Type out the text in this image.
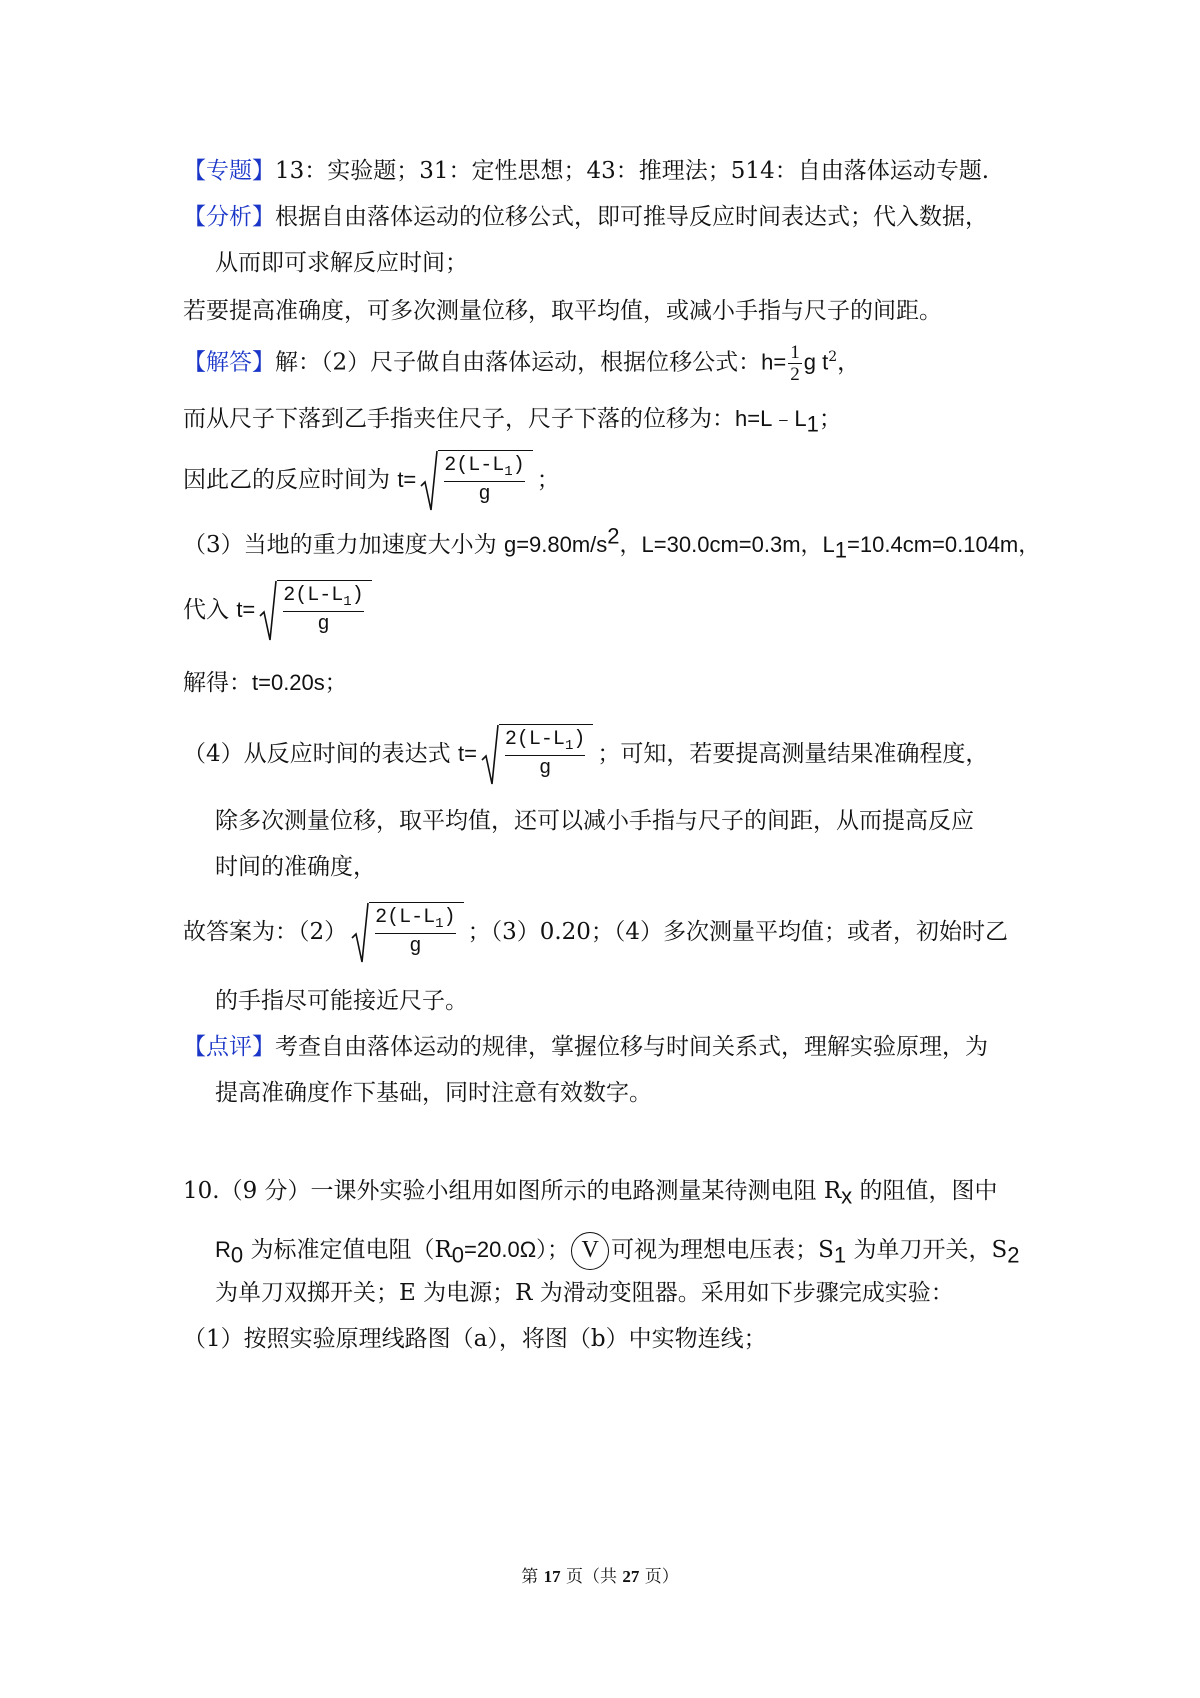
【专题】13：实验题；31：定性思想；43：推理法；514：自由落体运动专题.
【分析】根据自由落体运动的位移公式，即可推导反应时间表达式；代入数据，
从而即可求解反应时间；
若要提高准确度，可多次测量位移，取平均值，或减小手指与尺子的间距。
【解答】解：（2）尺子做自由落体运动，根据位移公式：$h= \frac{1}{2}$ g $t^2$，
而从尺子下落到乙手指夹住尺子，尺子下落的位移为：$h=L﹣L_1$；
因此乙的反应时间为 $t= \frac{2(L-L_1)}{g}$ ；
（3）当地的重力加速度大小为 $g=9.80m/s^2$，L=30.0cm=0.3m，$L_1=10.4cm=0.104m$，
代入 $t= \frac{2(L-L_1)}{g}$
解得：t=0.20s；
（4）从反应时间的表达式 $t= \frac{2(L-L_1)}{g}$ ；可知，若要提高测量结果准确程度，
除多次测量位移，取平均值，还可以减小手指与尺子的间距，从而提高反应
时间的准确度，
故答案为：$(2) \frac{2(L-L_1)}{g}$ ；（3）0.20；（4）多次测量平均值；或者，初始时乙
的手指尽可能接近尺子。
【点评】考查自由落体运动的规律，掌握位移与时间关系式，理解实验原理，为
提高准确度作下基础，同时注意有效数字。
10.（9 分）一课外实验小组用如图所示的电路测量某待测电阻 $R_x$ 的阻值，图中
$R_0$ 为标准定值电阻$(R_0=20.0\Omega)$； V 可视为理想电压表；$S_1$ 为单刀开关，$S_2$
为单刀双掷开关；E 为电源；R 为滑动变阻器。采用如下步骤完成实验：
（1）按照实验原理线路图（a），将图（b）中实物连线；
第 17 页（共 27 页）
